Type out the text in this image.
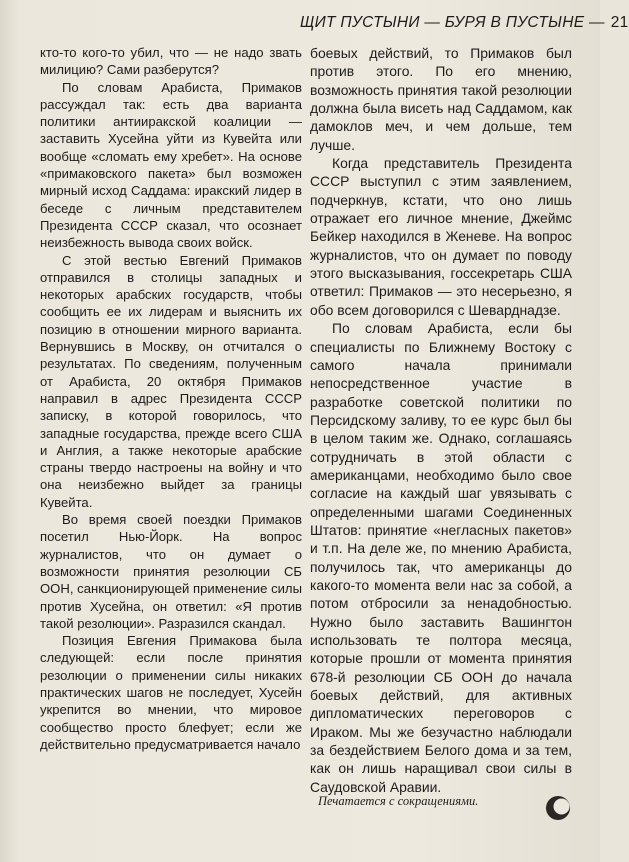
ЩИТ ПУСТЫНИ — БУРЯ В ПУСТЫНЕ — 21

кто-то кого-то убил, что — не надо звать милицию? Сами разберутся?

По словам Арабиста, Примаков рассуждал так: есть два варианта политики антииракской коалиции — заставить Хусейна уйти из Кувейта или вообще «сломать ему хребет». На основе «примаковского пакета» был возможен мирный исход Саддама: иракский лидер в беседе с личным представителем Президента СССР сказал, что осознает неизбежность вывода своих войск.

С этой вестью Евгений Примаков отправился в столицы западных и некоторых арабских государств, чтобы сообщить ее их лидерам и выяснить их позицию в отношении мирного варианта. Вернувшись в Москву, он отчитался о результатах. По сведениям, полученным от Арабиста, 20 октября Примаков направил в адрес Президента СССР записку, в которой говорилось, что западные государства, прежде всего США и Англия, а также некоторые арабские страны твердо настроены на войну и что она неизбежно выйдет за границы Кувейта.

Во время своей поездки Примаков посетил Нью-Йорк. На вопрос журналистов, что он думает о возможности принятия резолюции СБ ООН, санкционирующей применение силы против Хусейна, он ответил: «Я против такой резолюции». Разразился скандал.

Позиция Евгения Примакова была следующей: если после принятия резолюции о применении силы никаких практических шагов не последует, Хусейн укрепится во мнении, что мировое сообщество просто блефует; если же действительно предусматривается начало

боевых действий, то Примаков был против этого. По его мнению, возможность принятия такой резолюции должна была висеть над Саддамом, как дамоклов меч, и чем дольше, тем лучше.

Когда представитель Президента СССР выступил с этим заявлением, подчеркнув, кстати, что оно лишь отражает его личное мнение, Джеймс Бейкер находился в Женеве. На вопрос журналистов, что он думает по поводу этого высказывания, госсекретарь США ответил: Примаков — это несерьезно, я обо всем договорился с Шеварднадзе.

По словам Арабиста, если бы специалисты по Ближнему Востоку с самого начала принимали непосредственное участие в разработке советской политики по Персидскому заливу, то ее курс был бы в целом таким же. Однако, соглашаясь сотрудничать в этой области с американцами, необходимо было свое согласие на каждый шаг увязывать с определенными шагами Соединенных Штатов: принятие «негласных пакетов» и т.п. На деле же, по мнению Арабиста, получилось так, что американцы до какого-то момента вели нас за собой, а потом отбросили за ненадобностью. Нужно было заставить Вашингтон использовать те полтора месяца, которые прошли от момента принятия 678-й резолюции СБ ООН до начала боевых действий, для активных дипломатических переговоров с Ираком. Мы же безучастно наблюдали за бездействием Белого дома и за тем, как он лишь наращивал свои силы в Саудовской Аравии.

Печатается с сокращениями.
